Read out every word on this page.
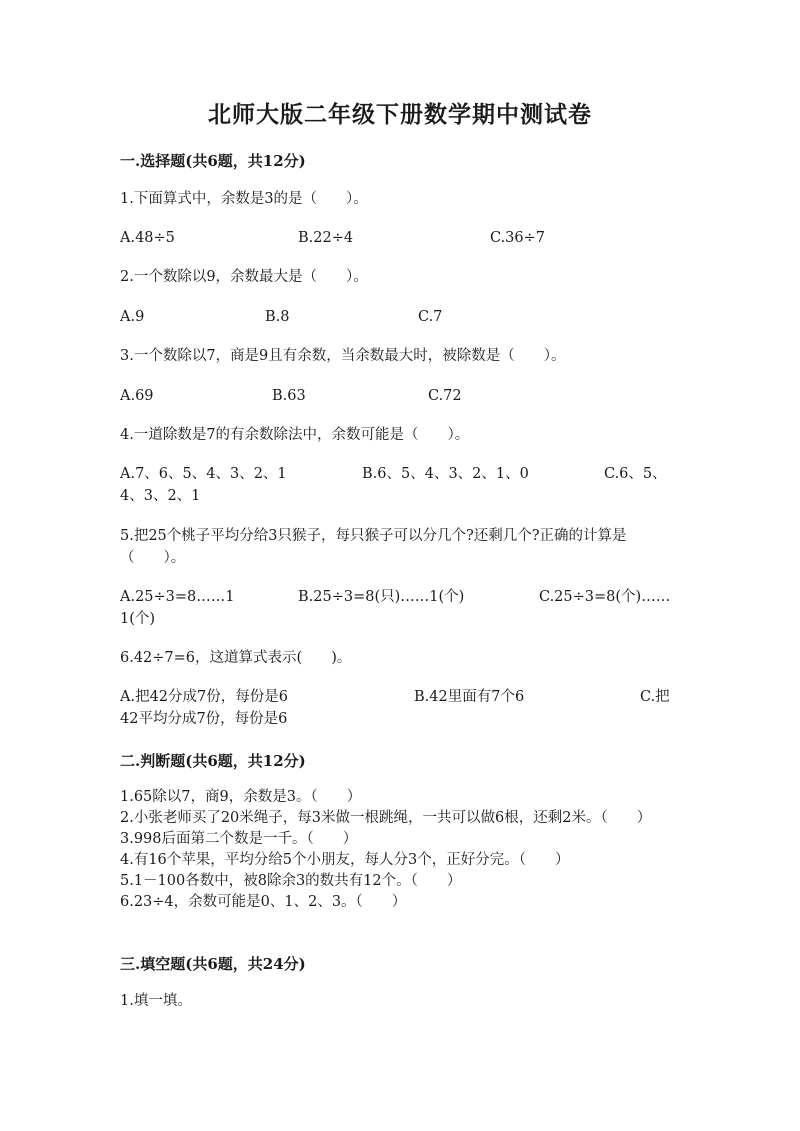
北师大版二年级下册数学期中测试卷
一.选择题(共6题，共12分)
1.下面算式中，余数是3的是（　　）。
A.48÷5	B.22÷4	C.36÷7
2.一个数除以9，余数最大是（　　）。
A.9	B.8	C.7
3.一个数除以7，商是9且有余数，当余数最大时，被除数是（　　）。
A.69	B.63	C.72
4.一道除数是7的有余数除法中，余数可能是（　　）。
A.7、6、5、4、3、2、1	B.6、5、4、3、2、1、0	C.6、5、
4、3、2、1
5.把25个桃子平均分给3只猴子，每只猴子可以分几个?还剩几个?正确的计算是（　　）。
A.25÷3=8……1	B.25÷3=8(只)……1(个)	C.25÷3=8(个)……
1(个)
6.42÷7=6，这道算式表示(　　)。
A.把42分成7份，每份是6	B.42里面有7个6	C.把
42平均分成7份，每份是6
二.判断题(共6题，共12分)
1.65除以7，商9，余数是3。（　　）
2.小张老师买了20米绳子，每3米做一根跳绳，一共可以做6根，还剩2米。（　　）
3.998后面第二个数是一千。（　　）
4.有16个苹果，平均分给5个小朋友，每人分3个，正好分完。（　　）
5.1－100各数中，被8除余3的数共有12个。（　　）
6.23÷4，余数可能是0、1、2、3。（　　）
三.填空题(共6题，共24分)
1.填一填。
